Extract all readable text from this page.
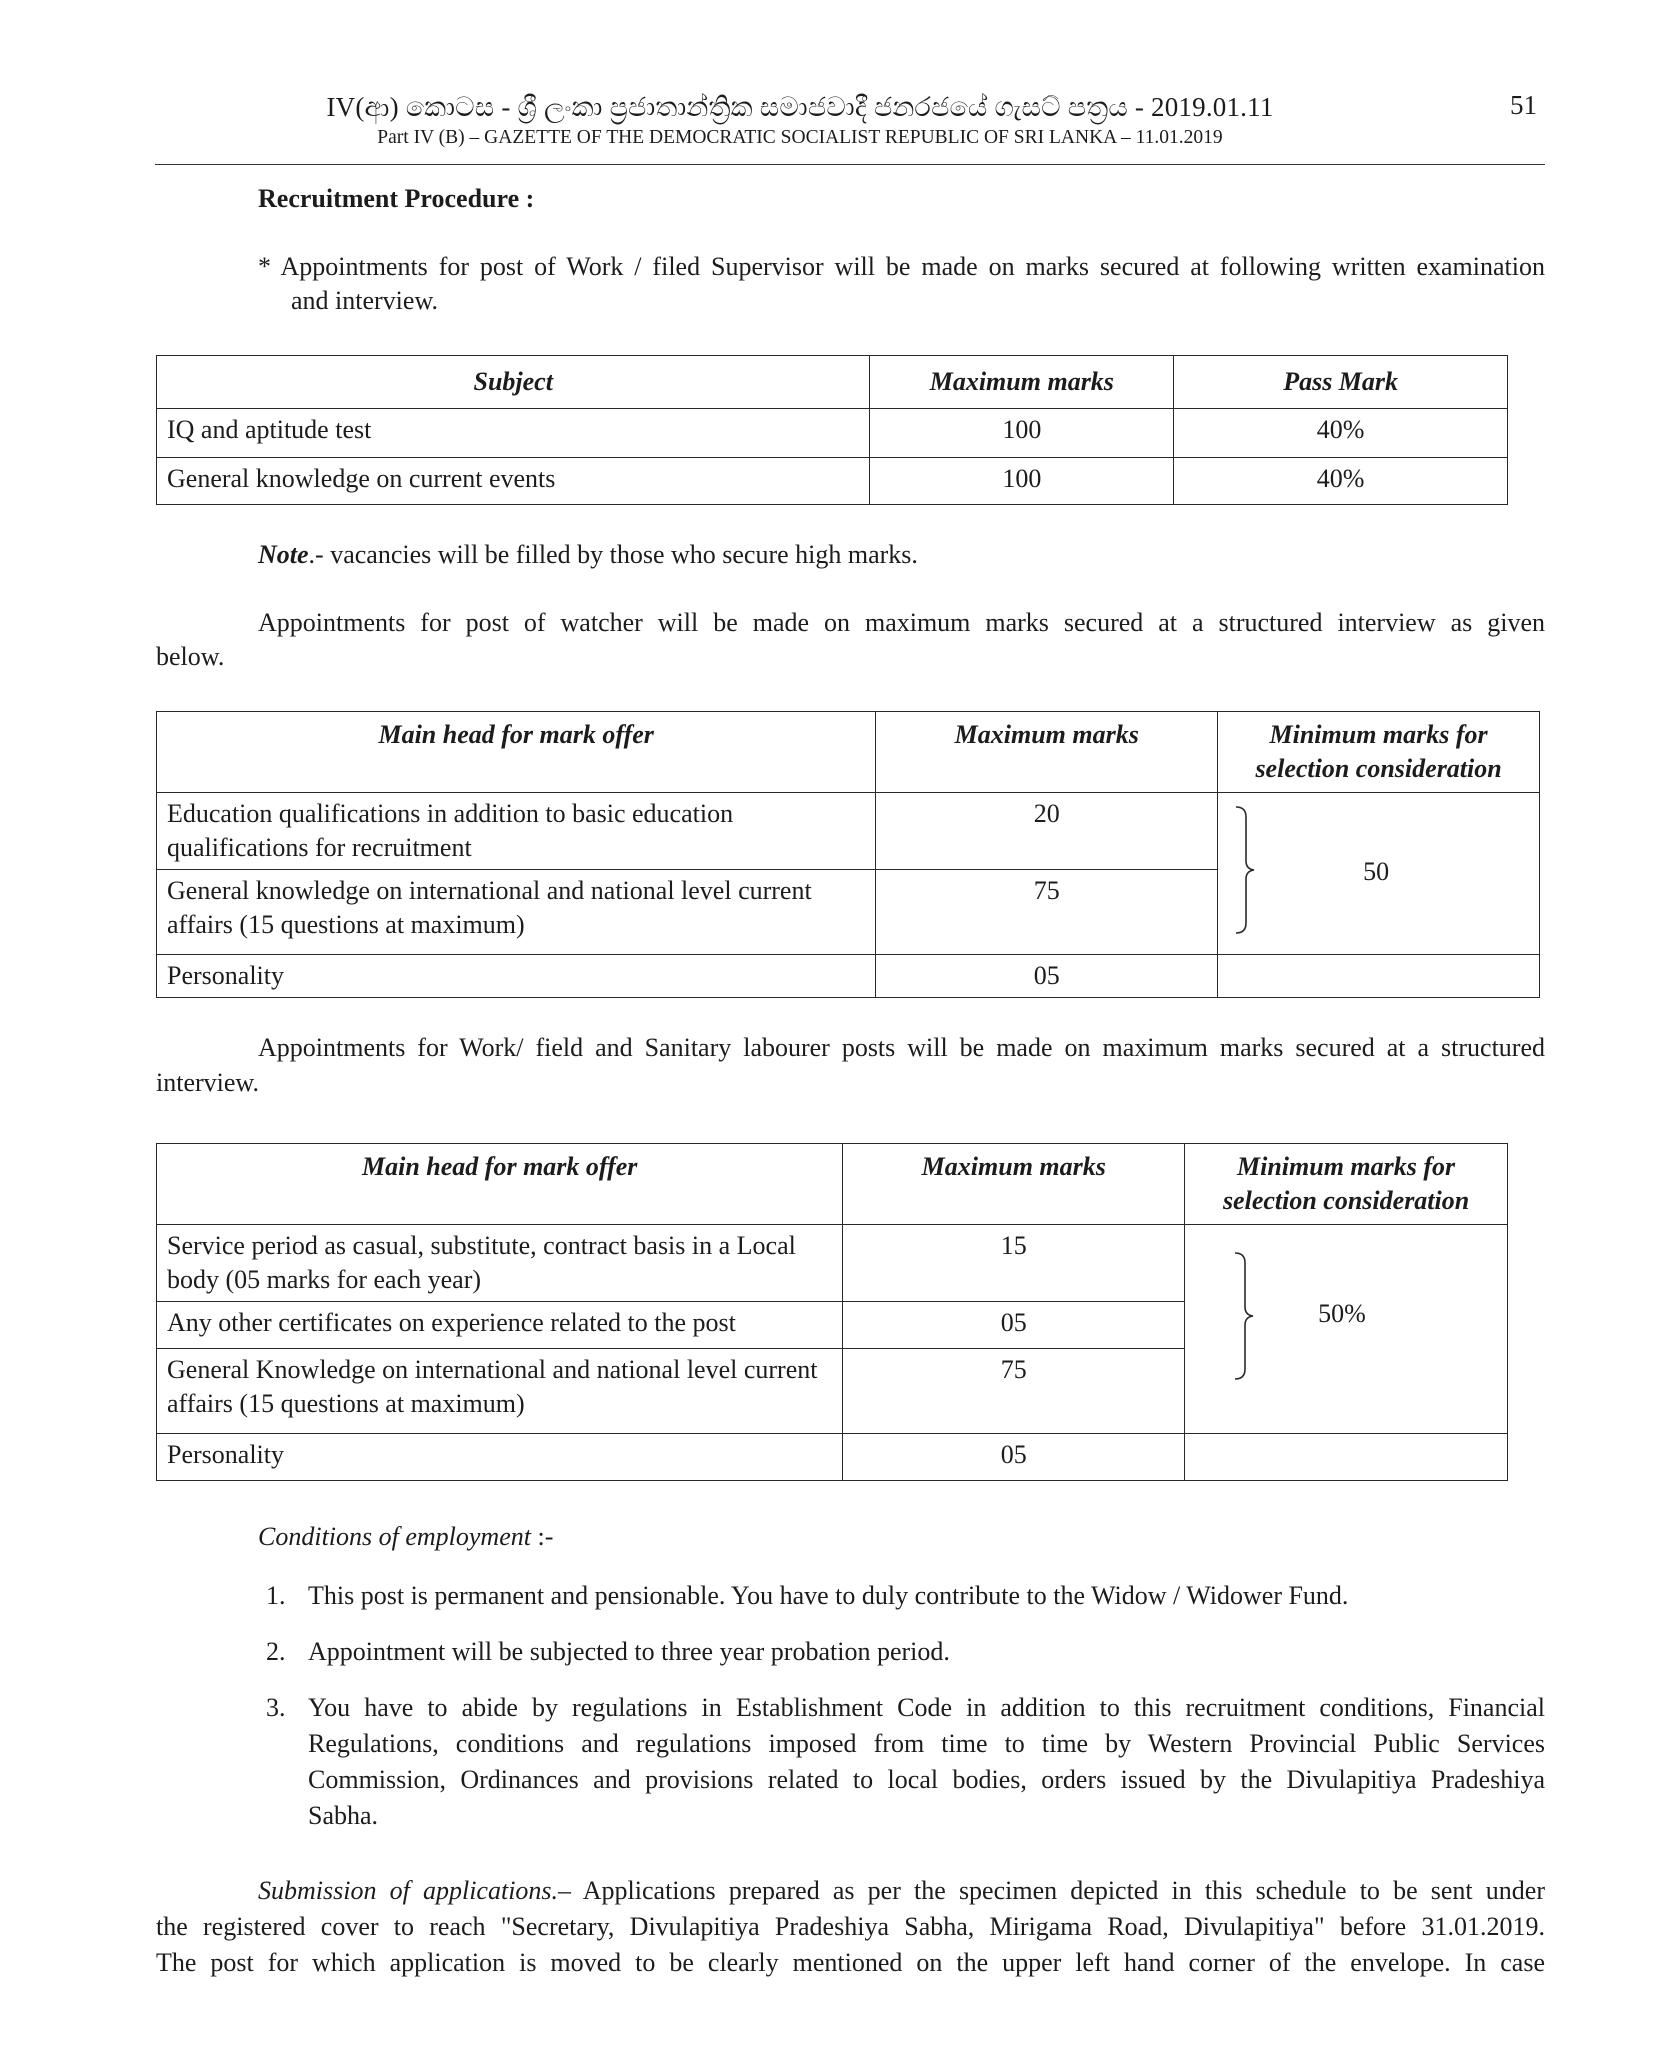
IV(ආ) කොටස - ශ්‍රී ලංකා ප්‍රජාතාන්ත්‍රික සමාජවාදී ජනරජයේ ගැසට් පත්‍රය - 2019.01.11
Part IV (B) – GAZETTE OF THE DEMOCRATIC SOCIALIST REPUBLIC OF SRI LANKA – 11.01.2019
51
Recruitment Procedure :
* Appointments for post of Work / filed Supervisor will be made on marks secured at following written examination
and interview.
Subject	Maximum marks	Pass Mark
IQ and aptitude test	100	40%
General knowledge on current events	100	40%
Note.- vacancies will be filled by those who secure high marks.
Appointments for post of watcher will be made on maximum marks secured at a structured interview as given
below.
Main head for mark offer	Maximum marks	Minimum marks for selection consideration
Education qualifications in addition to basic education qualifications for recruitment	20	50

General knowledge on international and national level current affairs (15 questions at maximum)	75	
Personality	05	
Appointments for Work/ field and Sanitary labourer posts will be made on maximum marks secured at a structured
interview.
Main head for mark offer	Maximum marks	Minimum marks for selection consideration
Service period as casual, substitute, contract basis in a Local body (05 marks for each year)	15	50%

Any other certificates on experience related to the post	05	
General Knowledge on international and national level current affairs (15 questions at maximum)	75	
Personality	05	
Conditions of employment :-
1. This post is permanent and pensionable. You have to duly contribute to the Widow / Widower Fund.
2. Appointment will be subjected to three year probation period.
3. You have to abide by regulations in Establishment Code in addition to this recruitment conditions, Financial
Regulations, conditions and regulations imposed from time to time by Western Provincial Public Services
Commission, Ordinances and provisions related to local bodies, orders issued by the Divulapitiya Pradeshiya
Sabha.
Submission of applications.– Applications prepared as per the specimen depicted in this schedule to be sent under
the registered cover to reach "Secretary, Divulapitiya Pradeshiya Sabha, Mirigama Road, Divulapitiya" before 31.01.2019.
The post for which application is moved to be clearly mentioned on the upper left hand corner of the envelope. In case
